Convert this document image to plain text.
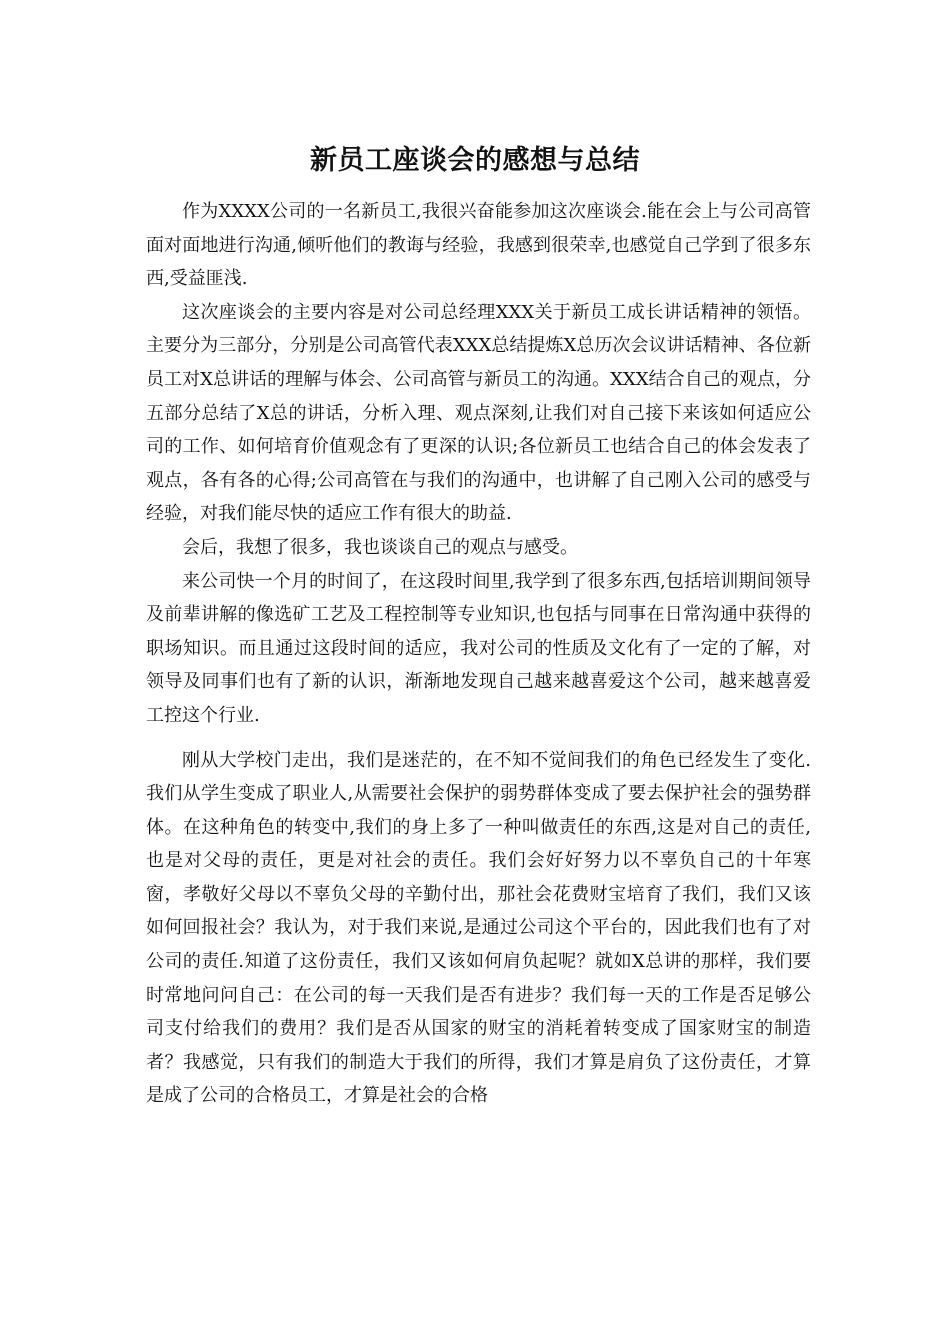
新员工座谈会的感想与总结

作为XXXX公司的一名新员工,我很兴奋能参加这次座谈会.能在会上与公司高管面对面地进行沟通,倾听他们的教诲与经验，我感到很荣幸,也感觉自己学到了很多东西,受益匪浅.

这次座谈会的主要内容是对公司总经理XXX关于新员工成长讲话精神的领悟。主要分为三部分，分别是公司高管代表XXX总结提炼X总历次会议讲话精神、各位新员工对X总讲话的理解与体会、公司高管与新员工的沟通。XXX结合自己的观点，分五部分总结了X总的讲话，分析入理、观点深刻,让我们对自己接下来该如何适应公司的工作、如何培育价值观念有了更深的认识;各位新员工也结合自己的体会发表了观点，各有各的心得;公司高管在与我们的沟通中，也讲解了自己刚入公司的感受与经验，对我们能尽快的适应工作有很大的助益.

会后，我想了很多，我也谈谈自己的观点与感受。

来公司快一个月的时间了，在这段时间里,我学到了很多东西,包括培训期间领导及前辈讲解的像选矿工艺及工程控制等专业知识,也包括与同事在日常沟通中获得的职场知识。而且通过这段时间的适应，我对公司的性质及文化有了一定的了解，对领导及同事们也有了新的认识，渐渐地发现自己越来越喜爱这个公司，越来越喜爱工控这个行业.

刚从大学校门走出，我们是迷茫的，在不知不觉间我们的角色已经发生了变化.我们从学生变成了职业人,从需要社会保护的弱势群体变成了要去保护社会的强势群体。在这种角色的转变中,我们的身上多了一种叫做责任的东西,这是对自己的责任,也是对父母的责任，更是对社会的责任。我们会好好努力以不辜负自己的十年寒窗，孝敬好父母以不辜负父母的辛勤付出，那社会花费财宝培育了我们，我们又该如何回报社会？我认为，对于我们来说,是通过公司这个平台的，因此我们也有了对公司的责任.知道了这份责任，我们又该如何肩负起呢？就如X总讲的那样，我们要时常地问问自己：在公司的每一天我们是否有进步？我们每一天的工作是否足够公司支付给我们的费用？我们是否从国家的财宝的消耗着转变成了国家财宝的制造者？我感觉，只有我们的制造大于我们的所得，我们才算是肩负了这份责任，才算是成了公司的合格员工，才算是社会的合格
